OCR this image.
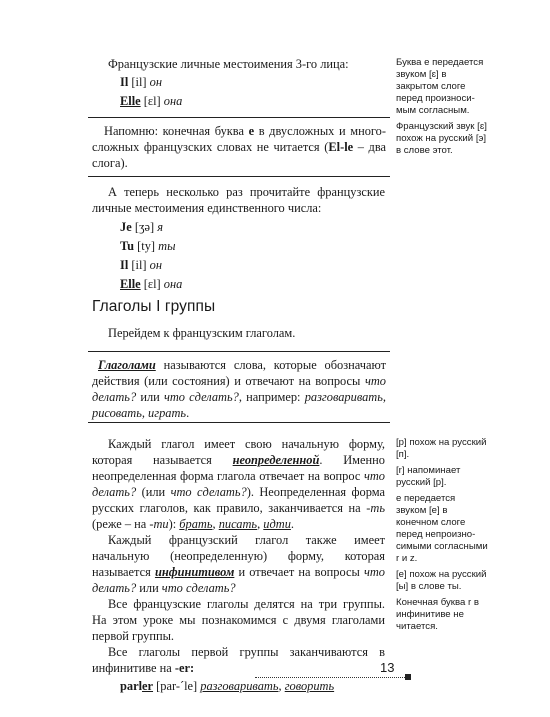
Французские личные местоимения 3-го лица:

Il [il] он
Elle [ɛl] она

Напомню: конечная буква е в двусложных и многосложных французских словах не читается (El-le – два слога).

А теперь несколько раз прочитайте французские личные местоимения единственного числа:

Je [ʒə] я
Tu [ty] ты
Il [il] он
Elle [ɛl] она
Глаголы I группы

Перейдем к французским глаголам.

Глаголами называются слова, которые обозначают действия (или состояния) и отвечают на вопросы что делать? или что сделать?, например: разговаривать, рисовать, играть.

Каждый глагол имеет свою начальную форму, которая называется неопределенной. Именно неопределенная форма глагола отвечает на вопрос что делать? (или что сделать?). Неопределенная форма русских глаголов, как правило, заканчивается на -ть (реже – на -ти): брать, писать, идти.

Каждый французский глагол также имеет начальную (неопределенную) форму, которая называется инфинитивом и отвечает на вопросы что делать? или что сделать?

Все французские глаголы делятся на три группы. На этом уроке мы познакомимся с двумя глаголами первой группы.

Все глаголы первой группы заканчиваются в инфинитиве на -er:

parler [par-´le] разговаривать, говорить

Буква e передается звуком [ɛ] в закрытом слоге перед произносимым согласным.

Французский звук [ɛ] похож на русский [э] в слове этот.

[p] похож на русский [п].

[r] напоминает русский [р].

e передается звуком [e] в конечном слоге перед непроизносимыми согласными r и z.

[e] похож на русский [ы] в слове ты.

Конечная буква r в инфинитиве не читается.

13
